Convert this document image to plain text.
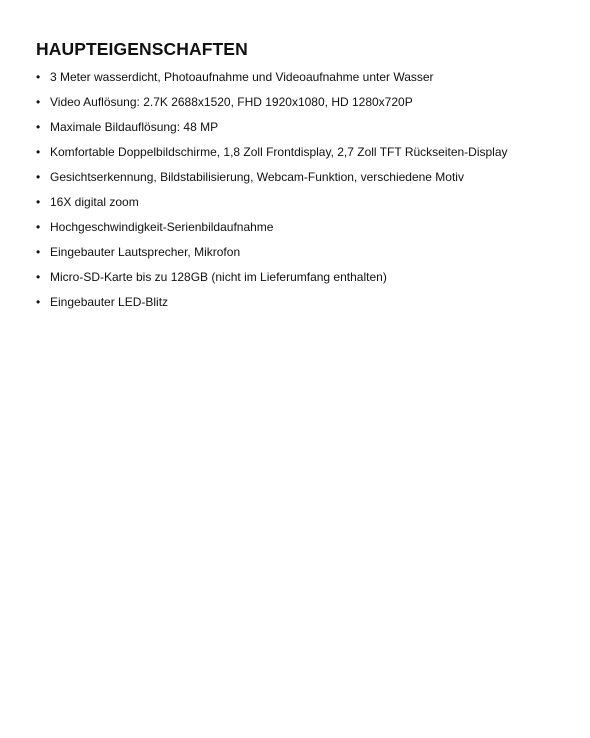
HAUPTEIGENSCHAFTEN
• 3 Meter wasserdicht, Photoaufnahme und Videoaufnahme unter Wasser
• Video Auflösung: 2.7K 2688x1520, FHD 1920x1080, HD 1280x720P
• Maximale Bildauflösung: 48 MP
• Komfortable Doppelbildschirme, 1,8 Zoll Frontdisplay, 2,7 Zoll TFT Rückseiten-Display
• Gesichtserkennung, Bildstabilisierung, Webcam-Funktion, verschiedene Motiv
• 16X digital zoom
• Hochgeschwindigkeit-Serienbildaufnahme
• Eingebauter Lautsprecher, Mikrofon
• Micro-SD-Karte bis zu 128GB (nicht im Lieferumfang enthalten)
• Eingebauter LED-Blitz
